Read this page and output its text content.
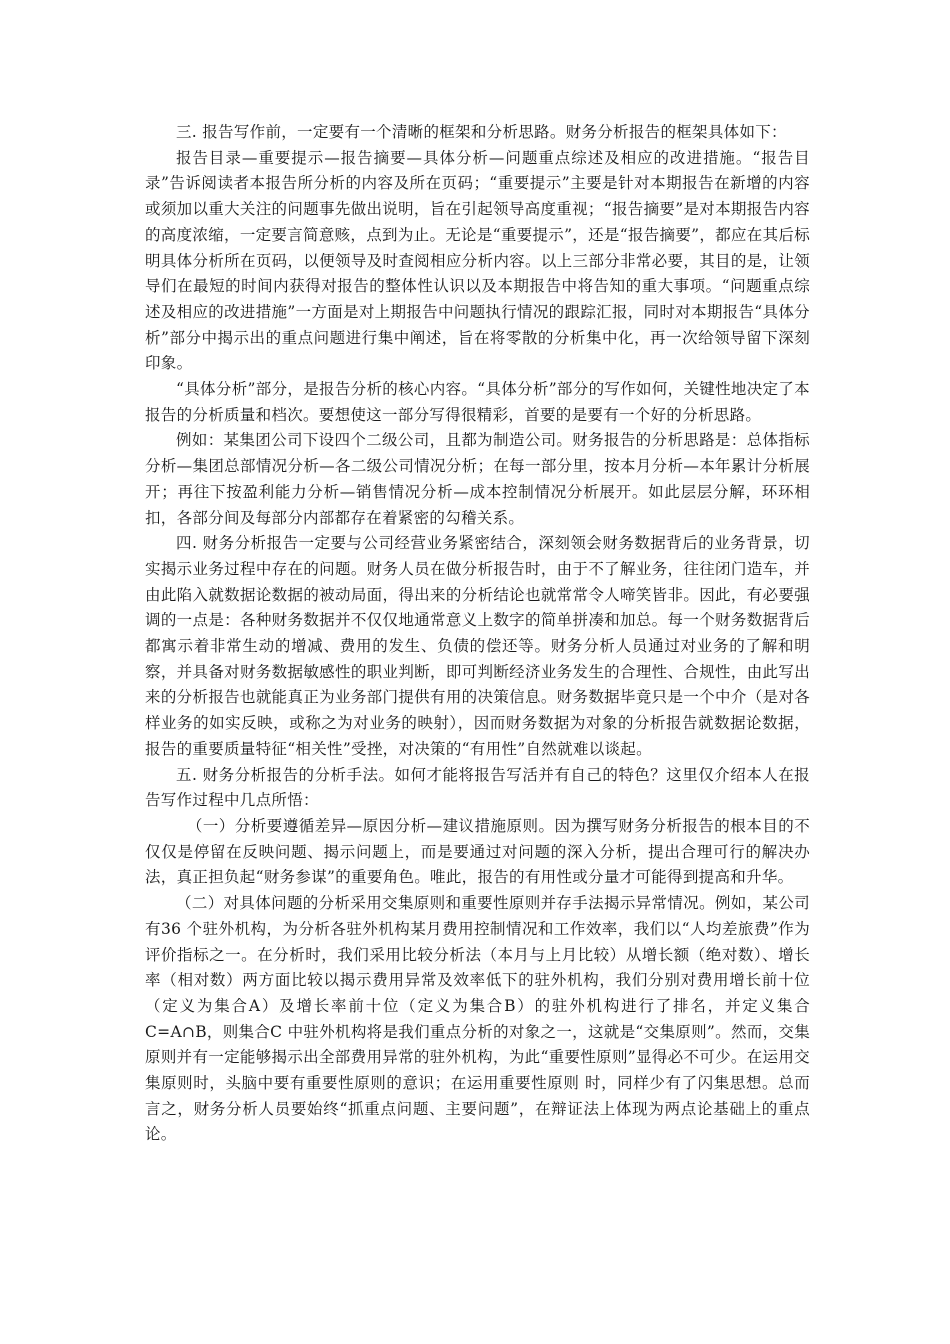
三. 报告写作前，一定要有一个清晰的框架和分析思路。财务分析报告的框架具体如下：

报告目录—重要提示—报告摘要—具体分析—问题重点综述及相应的改进措施。“报告目录”告诉阅读者本报告所分析的内容及所在页码；“重要提示”主要是针对本期报告在新增的内容或须加以重大关注的问题事先做出说明，旨在引起领导高度重视；“报告摘要”是对本期报告内容的高度浓缩，一定要言简意赅，点到为止。无论是“重要提示”，还是“报告摘要”，都应在其后标明具体分析所在页码，以便领导及时查阅相应分析内容。以上三部分非常必要，其目的是，让领导们在最短的时间内获得对报告的整体性认识以及本期报告中将告知的重大事项。“问题重点综述及相应的改进措施”一方面是对上期报告中问题执行情况的跟踪汇报，同时对本期报告“具体分析”部分中揭示出的重点问题进行集中阐述，旨在将零散的分析集中化，再一次给领导留下深刻印象。

“具体分析”部分，是报告分析的核心内容。“具体分析”部分的写作如何，关键性地决定了本报告的分析质量和档次。要想使这一部分写得很精彩，首要的是要有一个好的分析思路。

例如：某集团公司下设四个二级公司，且都为制造公司。财务报告的分析思路是：总体指标分析—集团总部情况分析—各二级公司情况分析；在每一部分里，按本月分析—本年累计分析展开；再往下按盈利能力分析—销售情况分析—成本控制情况分析展开。如此层层分解，环环相扣，各部分间及每部分内部都存在着紧密的勾稽关系。

四. 财务分析报告一定要与公司经营业务紧密结合，深刻领会财务数据背后的业务背景，切实揭示业务过程中存在的问题。财务人员在做分析报告时，由于不了解业务，往往闭门造车，并由此陷入就数据论数据的被动局面，得出来的分析结论也就常常令人啼笑皆非。因此，有必要强调的一点是：各种财务数据并不仅仅地通常意义上数字的简单拼凑和加总。每一个财务数据背后都寓示着非常生动的增减、费用的发生、负债的偿还等。财务分析人员通过对业务的了解和明察，并具备对财务数据敏感性的职业判断，即可判断经济业务发生的合理性、合规性，由此写出来的分析报告也就能真正为业务部门提供有用的决策信息。财务数据毕竟只是一个中介（是对各样业务的如实反映，或称之为对业务的映射），因而财务数据为对象的分析报告就数据论数据，报告的重要质量特征“相关性”受挫，对决策的“有用性”自然就难以谈起。

五. 财务分析报告的分析手法。如何才能将报告写活并有自己的特色？这里仅介绍本人在报告写作过程中几点所悟：

（一）分析要遵循差异—原因分析—建议措施原则。因为撰写财务分析报告的根本目的不仅仅是停留在反映问题、揭示问题上，而是要通过对问题的深入分析，提出合理可行的解决办法，真正担负起“财务参谋”的重要角色。唯此，报告的有用性或分量才可能得到提高和升华。

（二）对具体问题的分析采用交集原则和重要性原则并存手法揭示异常情况。例如，某公司有36 个驻外机构，为分析各驻外机构某月费用控制情况和工作效率，我们以“人均差旅费”作为评价指标之一。在分析时，我们采用比较分析法（本月与上月比较）从增长额（绝对数）、增长率（相对数）两方面比较以揭示费用异常及效率低下的驻外机构，我们分别对费用增长前十位（定义为集合A）及增长率前十位（定义为集合B）的驻外机构进行了排名，并定义集合C=A∩B，则集合C 中驻外机构将是我们重点分析的对象之一，这就是“交集原则”。然而，交集原则并有一定能够揭示出全部费用异常的驻外机构，为此“重要性原则”显得必不可少。在运用交集原则时，头脑中要有重要性原则的意识；在运用重要性原则 时，同样少有了闪集思想。总而言之，财务分析人员要始终“抓重点问题、主要问题”，在辩证法上体现为两点论基础上的重点论。
